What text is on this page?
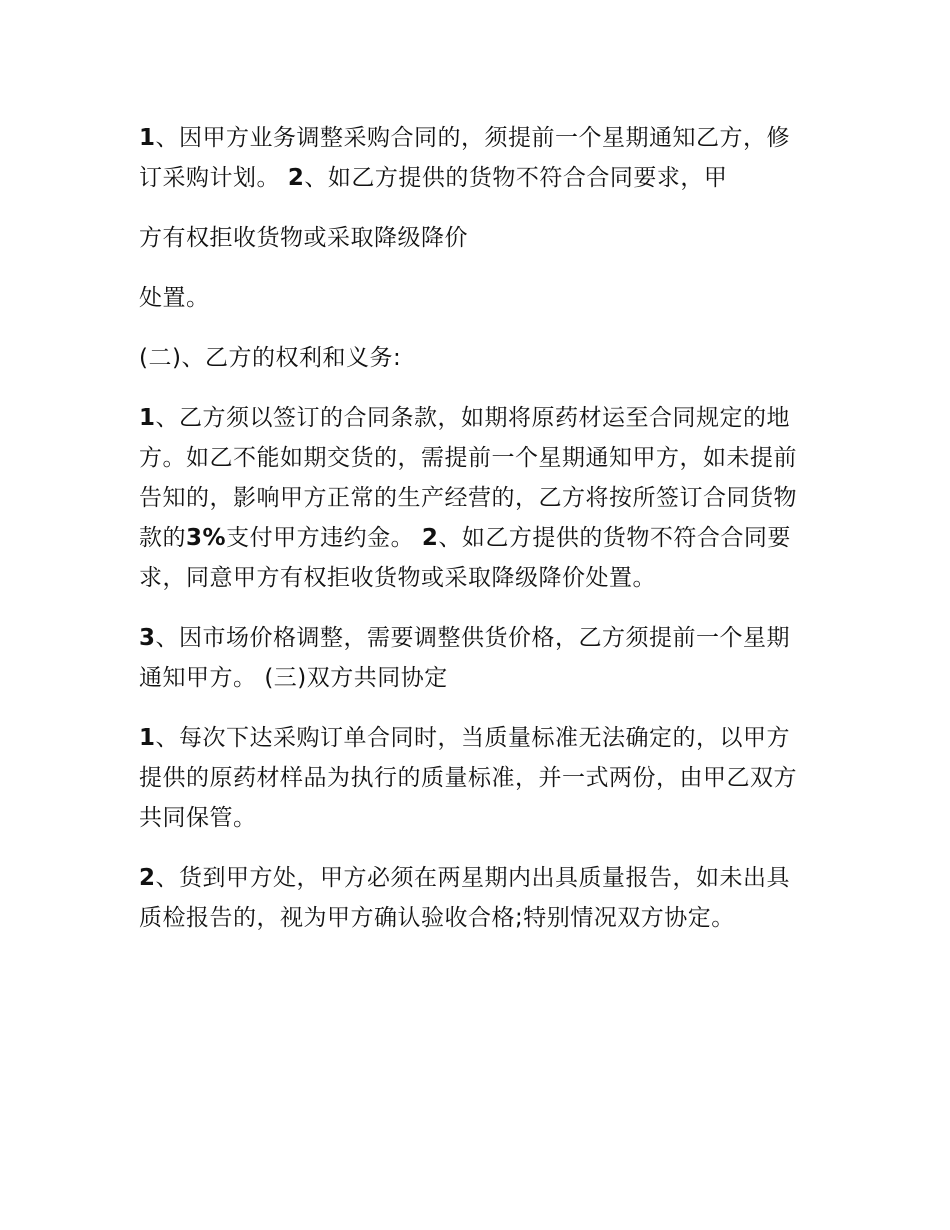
1、因甲方业务调整采购合同的，须提前一个星期通知乙方，修订采购计划。 2、如乙方提供的货物不符合合同要求，甲

方有权拒收货物或采取降级降价

处置。

(二)、乙方的权利和义务:

1、乙方须以签订的合同条款，如期将原药材运至合同规定的地方。如乙不能如期交货的，需提前一个星期通知甲方，如未提前告知的，影响甲方正常的生产经营的，乙方将按所签订合同货物款的3%支付甲方违约金。 2、如乙方提供的货物不符合合同要求，同意甲方有权拒收货物或采取降级降价处置。

3、因市场价格调整，需要调整供货价格，乙方须提前一个星期通知甲方。 (三)双方共同协定

1、每次下达采购订单合同时，当质量标准无法确定的，以甲方提供的原药材样品为执行的质量标准，并一式两份，由甲乙双方共同保管。

2、货到甲方处，甲方必须在两星期内出具质量报告，如未出具质检报告的，视为甲方确认验收合格;特别情况双方协定。
